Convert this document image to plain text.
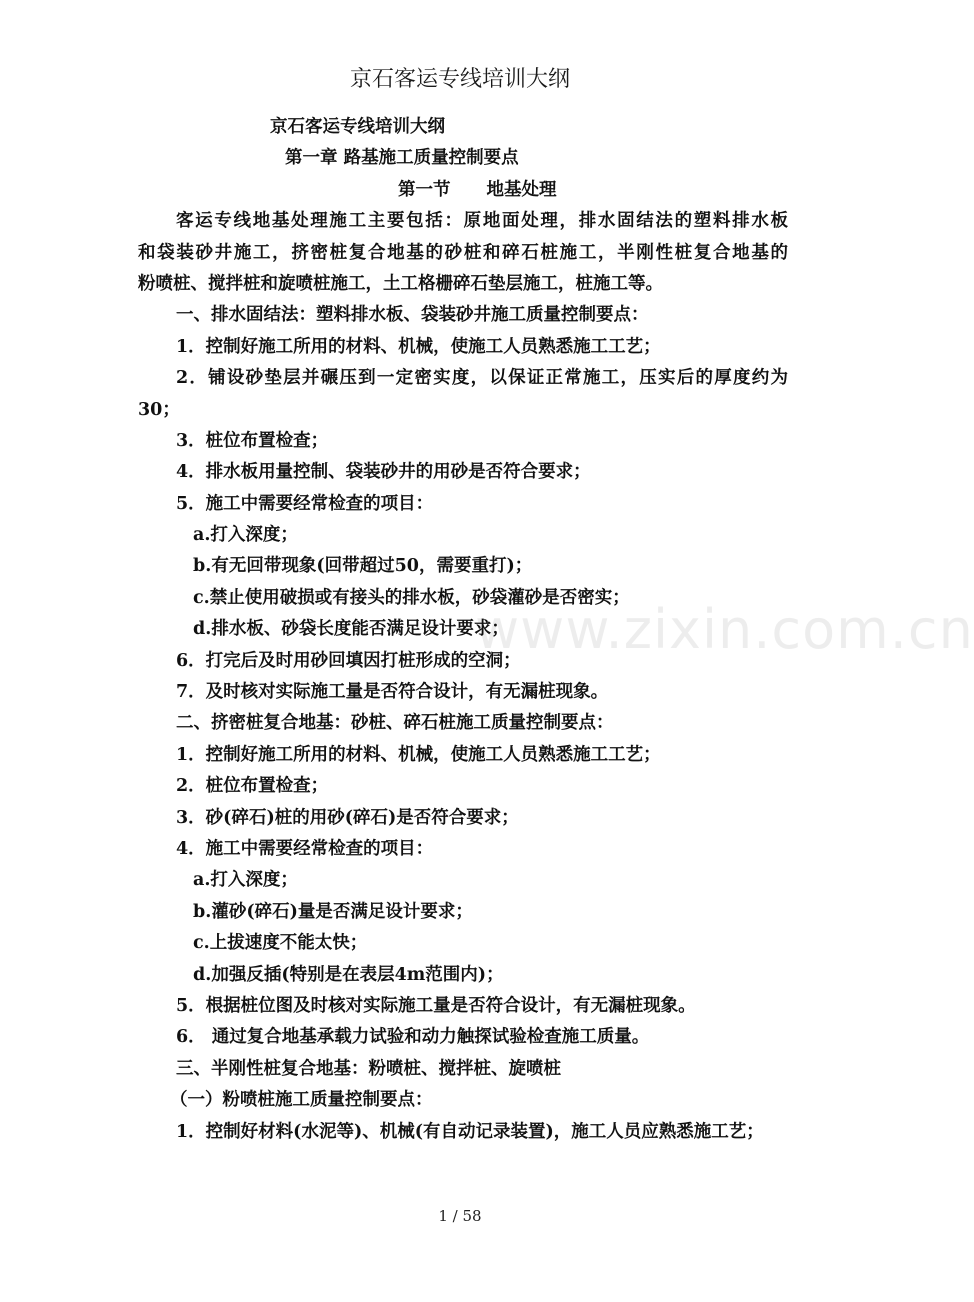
京石客运专线培训大纲
www.zixin.com.cn
京石客运专线培训大纲
第一章 路基施工质量控制要点
第一节 地基处理
客运专线地基处理施工主要包括：原地面处理，排水固结法的塑料排水板
和袋装砂井施工，挤密桩复合地基的砂桩和碎石桩施工，半刚性桩复合地基的
粉喷桩、搅拌桩和旋喷桩施工，土工格栅碎石垫层施工，桩施工等。
一、排水固结法：塑料排水板、袋装砂井施工质量控制要点：
1．控制好施工所用的材料、机械，使施工人员熟悉施工工艺；
2．铺设砂垫层并碾压到一定密实度，以保证正常施工，压实后的厚度约为
30；
3．桩位布置检查；
4．排水板用量控制、袋装砂井的用砂是否符合要求；
5．施工中需要经常检查的项目：
a.打入深度；
b.有无回带现象(回带超过50，需要重打)；
c.禁止使用破损或有接头的排水板，砂袋灌砂是否密实；
d.排水板、砂袋长度能否满足设计要求；
6．打完后及时用砂回填因打桩形成的空洞；
7．及时核对实际施工量是否符合设计，有无漏桩现象。
二、挤密桩复合地基：砂桩、碎石桩施工质量控制要点：
1．控制好施工所用的材料、机械，使施工人员熟悉施工工艺；
2．桩位布置检查；
3．砂(碎石)桩的用砂(碎石)是否符合要求；
4．施工中需要经常检查的项目：
a.打入深度；
b.灌砂(碎石)量是否满足设计要求；
c.上拔速度不能太快；
d.加强反插(特别是在表层4m范围内)；
5．根据桩位图及时核对实际施工量是否符合设计，有无漏桩现象。
6． 通过复合地基承载力试验和动力触探试验检查施工质量。
三、半刚性桩复合地基：粉喷桩、搅拌桩、旋喷桩
（一）粉喷桩施工质量控制要点：
1．控制好材料(水泥等)、机械(有自动记录装置)，施工人员应熟悉施工艺；
1 / 58
